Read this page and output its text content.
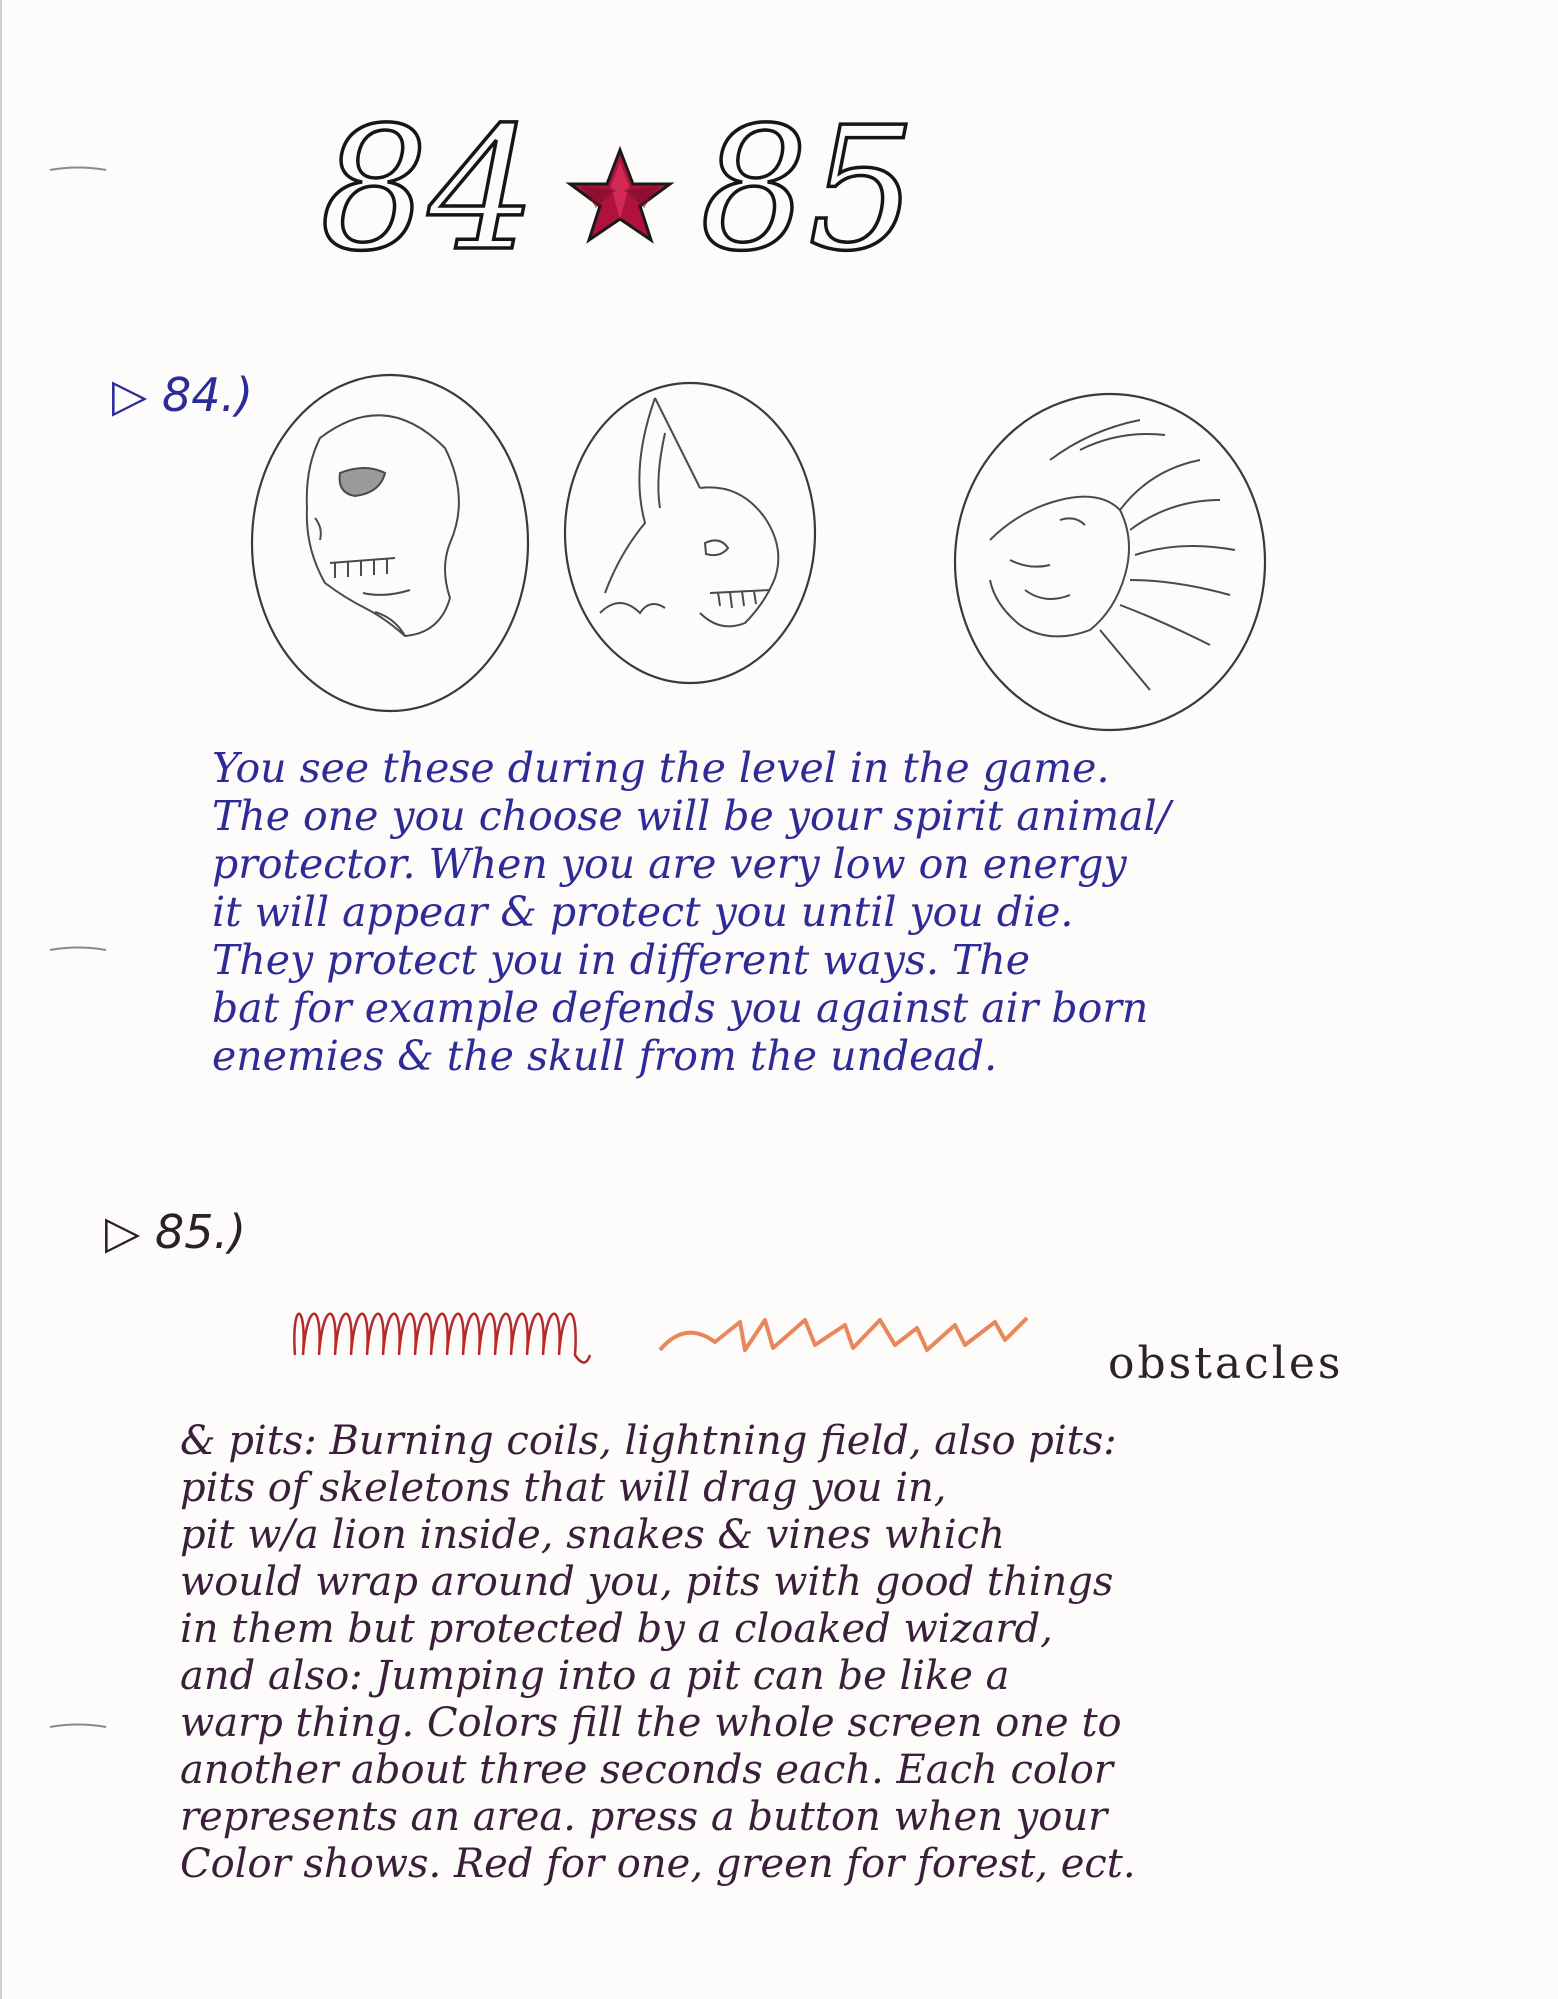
84 85
▷ 84.)
You see these during the level in the game.
The one you choose will be your spirit animal/
protector. When you are very low on energy
it will appear & protect you until you die.
They protect you in different ways. The
bat for example defends you against air born
enemies & the skull from the undead.
▷ 85.)
obstacles
& pits: Burning coils, lightning field, also pits:
pits of skeletons that will drag you in,
pit w/a lion inside, snakes & vines which
would wrap around you, pits with good things
in them but protected by a cloaked wizard,
and also: Jumping into a pit can be like a
warp thing. Colors fill the whole screen one to
another about three seconds each. Each color
represents an area. press a button when your
Color shows. Red for one, green for forest, ect.
